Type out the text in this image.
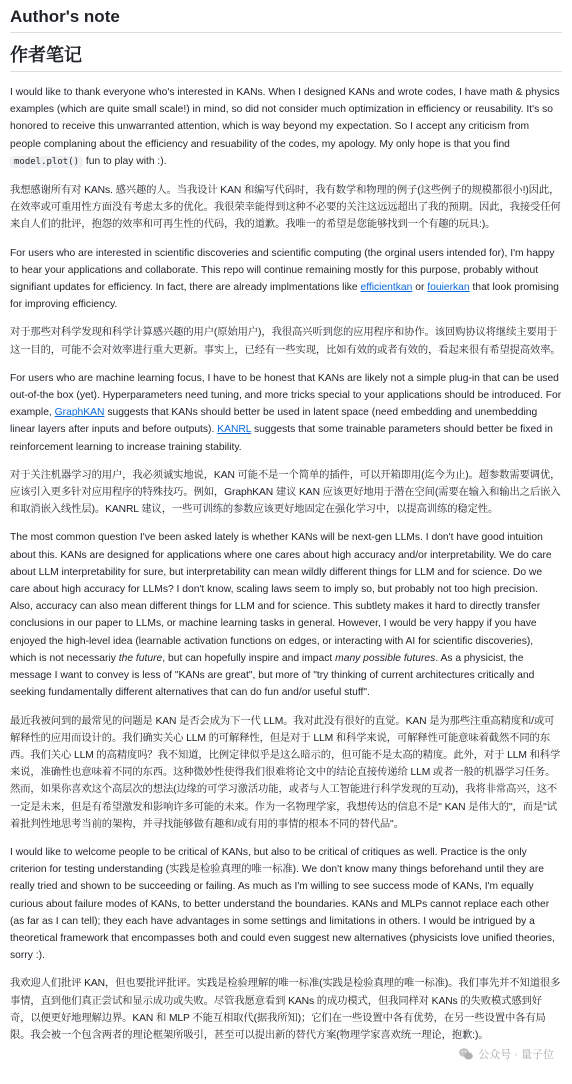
Author's note
作者笔记

I would like to thank everyone who's interested in KANs. When I designed KANs and wrote codes, I have math & physics examples (which are quite small scale!) in mind, so did not consider much optimization in efficiency or reusability. It's so honored to receive this unwarranted attention, which is way beyond my expectation. So I accept any criticism from people complaning about the efficiency and resuability of the codes, my apology. My only hope is that you find model.plot() fun to play with :).

我想感谢所有对 KANs. 感兴趣的人。当我设计 KAN 和编写代码时，我有数学和物理的例子(这些例子的规模都很小!)因此，在效率或可重用性方面没有考虑太多的优化。我很荣幸能得到这种不必要的关注这远远超出了我的预期。因此，我接受任何来自人们的批评，抱怨的效率和可再生性的代码，我的道歉。我唯一的希望是您能够找到一个有趣的玩具:)。

For users who are interested in scientific discoveries and scientific computing (the orginal users intended for), I'm happy to hear your applications and collaborate. This repo will continue remaining mostly for this purpose, probably without signifiant updates for efficiency. In fact, there are already implmentations like efficientkan or fouierkan that look promising for improving efficiency.

对于那些对科学发现和科学计算感兴趣的用户(原始用户)，我很高兴听到您的应用程序和协作。该回购协议将继续主要用于这一目的，可能不会对效率进行重大更新。事实上，已经有一些实现，比如有效的或者有效的，看起来很有希望提高效率。

For users who are machine learning focus, I have to be honest that KANs are likely not a simple plug-in that can be used out-of-the box (yet). Hyperparameters need tuning, and more tricks special to your applications should be introduced. For example, GraphKAN suggests that KANs should better be used in latent space (need embedding and unembedding linear layers after inputs and before outputs). KANRL suggests that some trainable parameters should better be fixed in reinforcement learning to increase training stability.

对于关注机器学习的用户，我必须诚实地说，KAN 可能不是一个简单的插件，可以开箱即用(迄今为止)。超参数需要调优，应该引入更多针对应用程序的特殊技巧。例如，GraphKAN 建议 KAN 应该更好地用于潜在空间(需要在输入和输出之后嵌入和取消嵌入线性层)。KANRL 建议，一些可训练的参数应该更好地固定在强化学习中，以提高训练的稳定性。

The most common question I've been asked lately is whether KANs will be next-gen LLMs. I don't have good intuition about this. KANs are designed for applications where one cares about high accuracy and/or interpretability. We do care about LLM interpretability for sure, but interpretability can mean wildly different things for LLM and for science. Do we care about high accuracy for LLMs? I don't know, scaling laws seem to imply so, but probably not too high precision. Also, accuracy can also mean different things for LLM and for science. This subtlety makes it hard to directly transfer conclusions in our paper to LLMs, or machine learning tasks in general. However, I would be very happy if you have enjoyed the high-level idea (learnable activation functions on edges, or interacting with AI for scientific discoveries), which is not necessariy the future, but can hopefully inspire and impact many possible futures. As a physicist, the message I want to convey is less of "KANs are great", but more of "try thinking of current architectures critically and seeking fundamentally different alternatives that can do fun and/or useful stuff".

最近我被问到的最常见的问题是 KAN 是否会成为下一代 LLM。我对此没有很好的直觉。KAN 是为那些注重高精度和/或可解释性的应用而设计的。我们确实关心 LLM 的可解释性，但是对于 LLM 和科学来说，可解释性可能意味着截然不同的东西。我们关心 LLM 的高精度吗？我不知道，比例定律似乎是这么暗示的，但可能不是太高的精度。此外，对于 LLM 和科学来说，准确性也意味着不同的东西。这种微妙性使得我们很难将论文中的结论直接传递给 LLM 或者一般的机器学习任务。然而，如果你喜欢这个高层次的想法(边缘的可学习激活功能，或者与人工智能进行科学发现的互动)，我将非常高兴，这不一定是未来，但是有希望激发和影响许多可能的未来。作为一名物理学家，我想传达的信息不是" KAN 是伟大的"，而是"试着批判性地思考当前的架构，并寻找能够做有趣和/或有用的事情的根本不同的替代品"。

I would like to welcome people to be critical of KANs, but also to be critical of critiques as well. Practice is the only criterion for testing understanding (实践是检验真理的唯一标准). We don't know many things beforehand until they are really tried and shown to be succeeding or failing. As much as I'm willing to see success mode of KANs, I'm equally curious about failure modes of KANs, to better understand the boundaries. KANs and MLPs cannot replace each other (as far as I can tell); they each have advantages in some settings and limitations in others. I would be intrigued by a theoretical framework that encompasses both and could even suggest new alternatives (physicists love unified theories, sorry :).

我欢迎人们批评 KAN，但也要批评批评。实践是检验理解的唯一标准(实践是检验真理的唯一标准)。我们事先并不知道很多事情，直到他们真正尝试和显示成功或失败。尽管我愿意看到 KANs 的成功模式，但我同样对 KANs 的失败模式感到好奇，以便更好地理解边界。KAN 和 MLP 不能互相取代(据我所知)；它们在一些设置中各有优势，在另一些设置中各有局限。我会被一个包含两者的理论框架所吸引，甚至可以提出新的替代方案(物理学家喜欢统一理论，抱歉:)。

公众号 · 量子位
